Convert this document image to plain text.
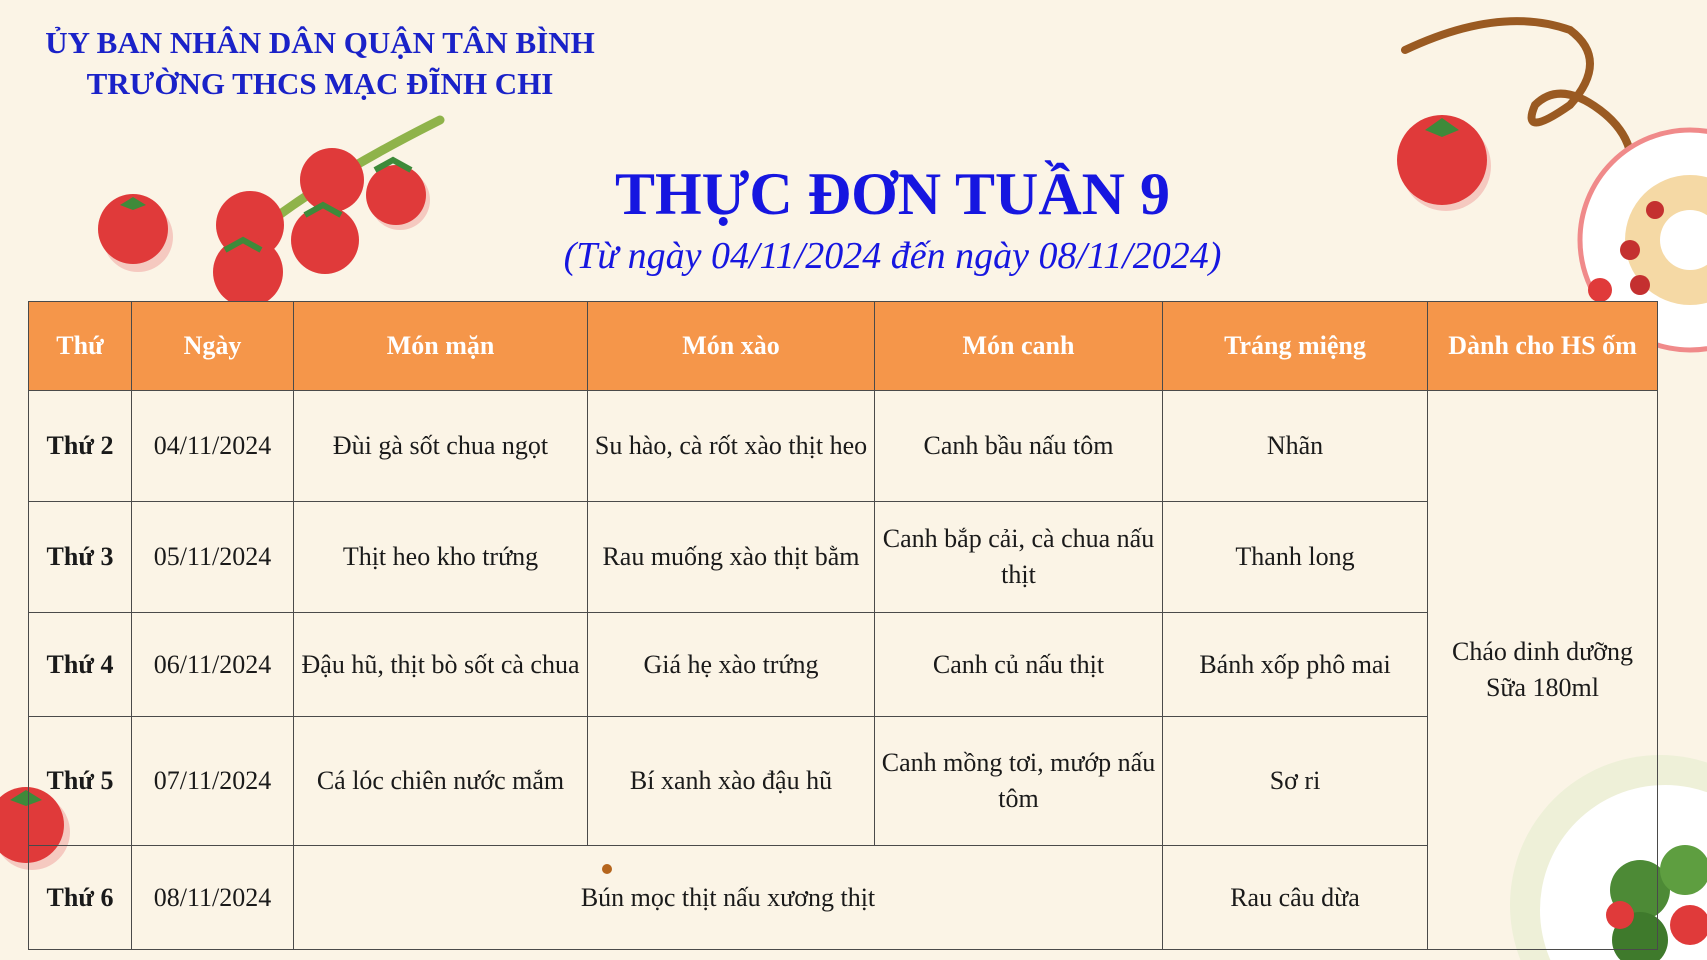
ỦY BAN NHÂN DÂN QUẬN TÂN BÌNH
TRƯỜNG THCS MẠC ĐĨNH CHI
THỰC ĐƠN TUẦN 9
(Từ ngày 04/11/2024 đến ngày 08/11/2024)
Thứ	Ngày	Món mặn	Món xào	Món canh	Tráng miệng	Dành cho HS ốm
Thứ 2	04/11/2024	Đùi gà sốt chua ngọt	Su hào, cà rốt xào thịt heo	Canh bầu nấu tôm	Nhãn	Cháo dinh dưỡng
Sữa 180ml

Thứ 3	05/11/2024	Thịt heo kho trứng	Rau muống xào thịt bằm	Canh bắp cải, cà chua nấu thịt	Thanh long	
Thứ 4	06/11/2024	Đậu hũ, thịt bò sốt cà chua	Giá hẹ xào trứng	Canh củ nấu thịt	Bánh xốp phô mai	
Thứ 5	07/11/2024	Cá lóc chiên nước mắm	Bí xanh xào đậu hũ	Canh mồng tơi, mướp nấu tôm	Sơ ri	
Thứ 6	08/11/2024	Bún mọc thịt nấu xương thịt			Rau câu dừa	
